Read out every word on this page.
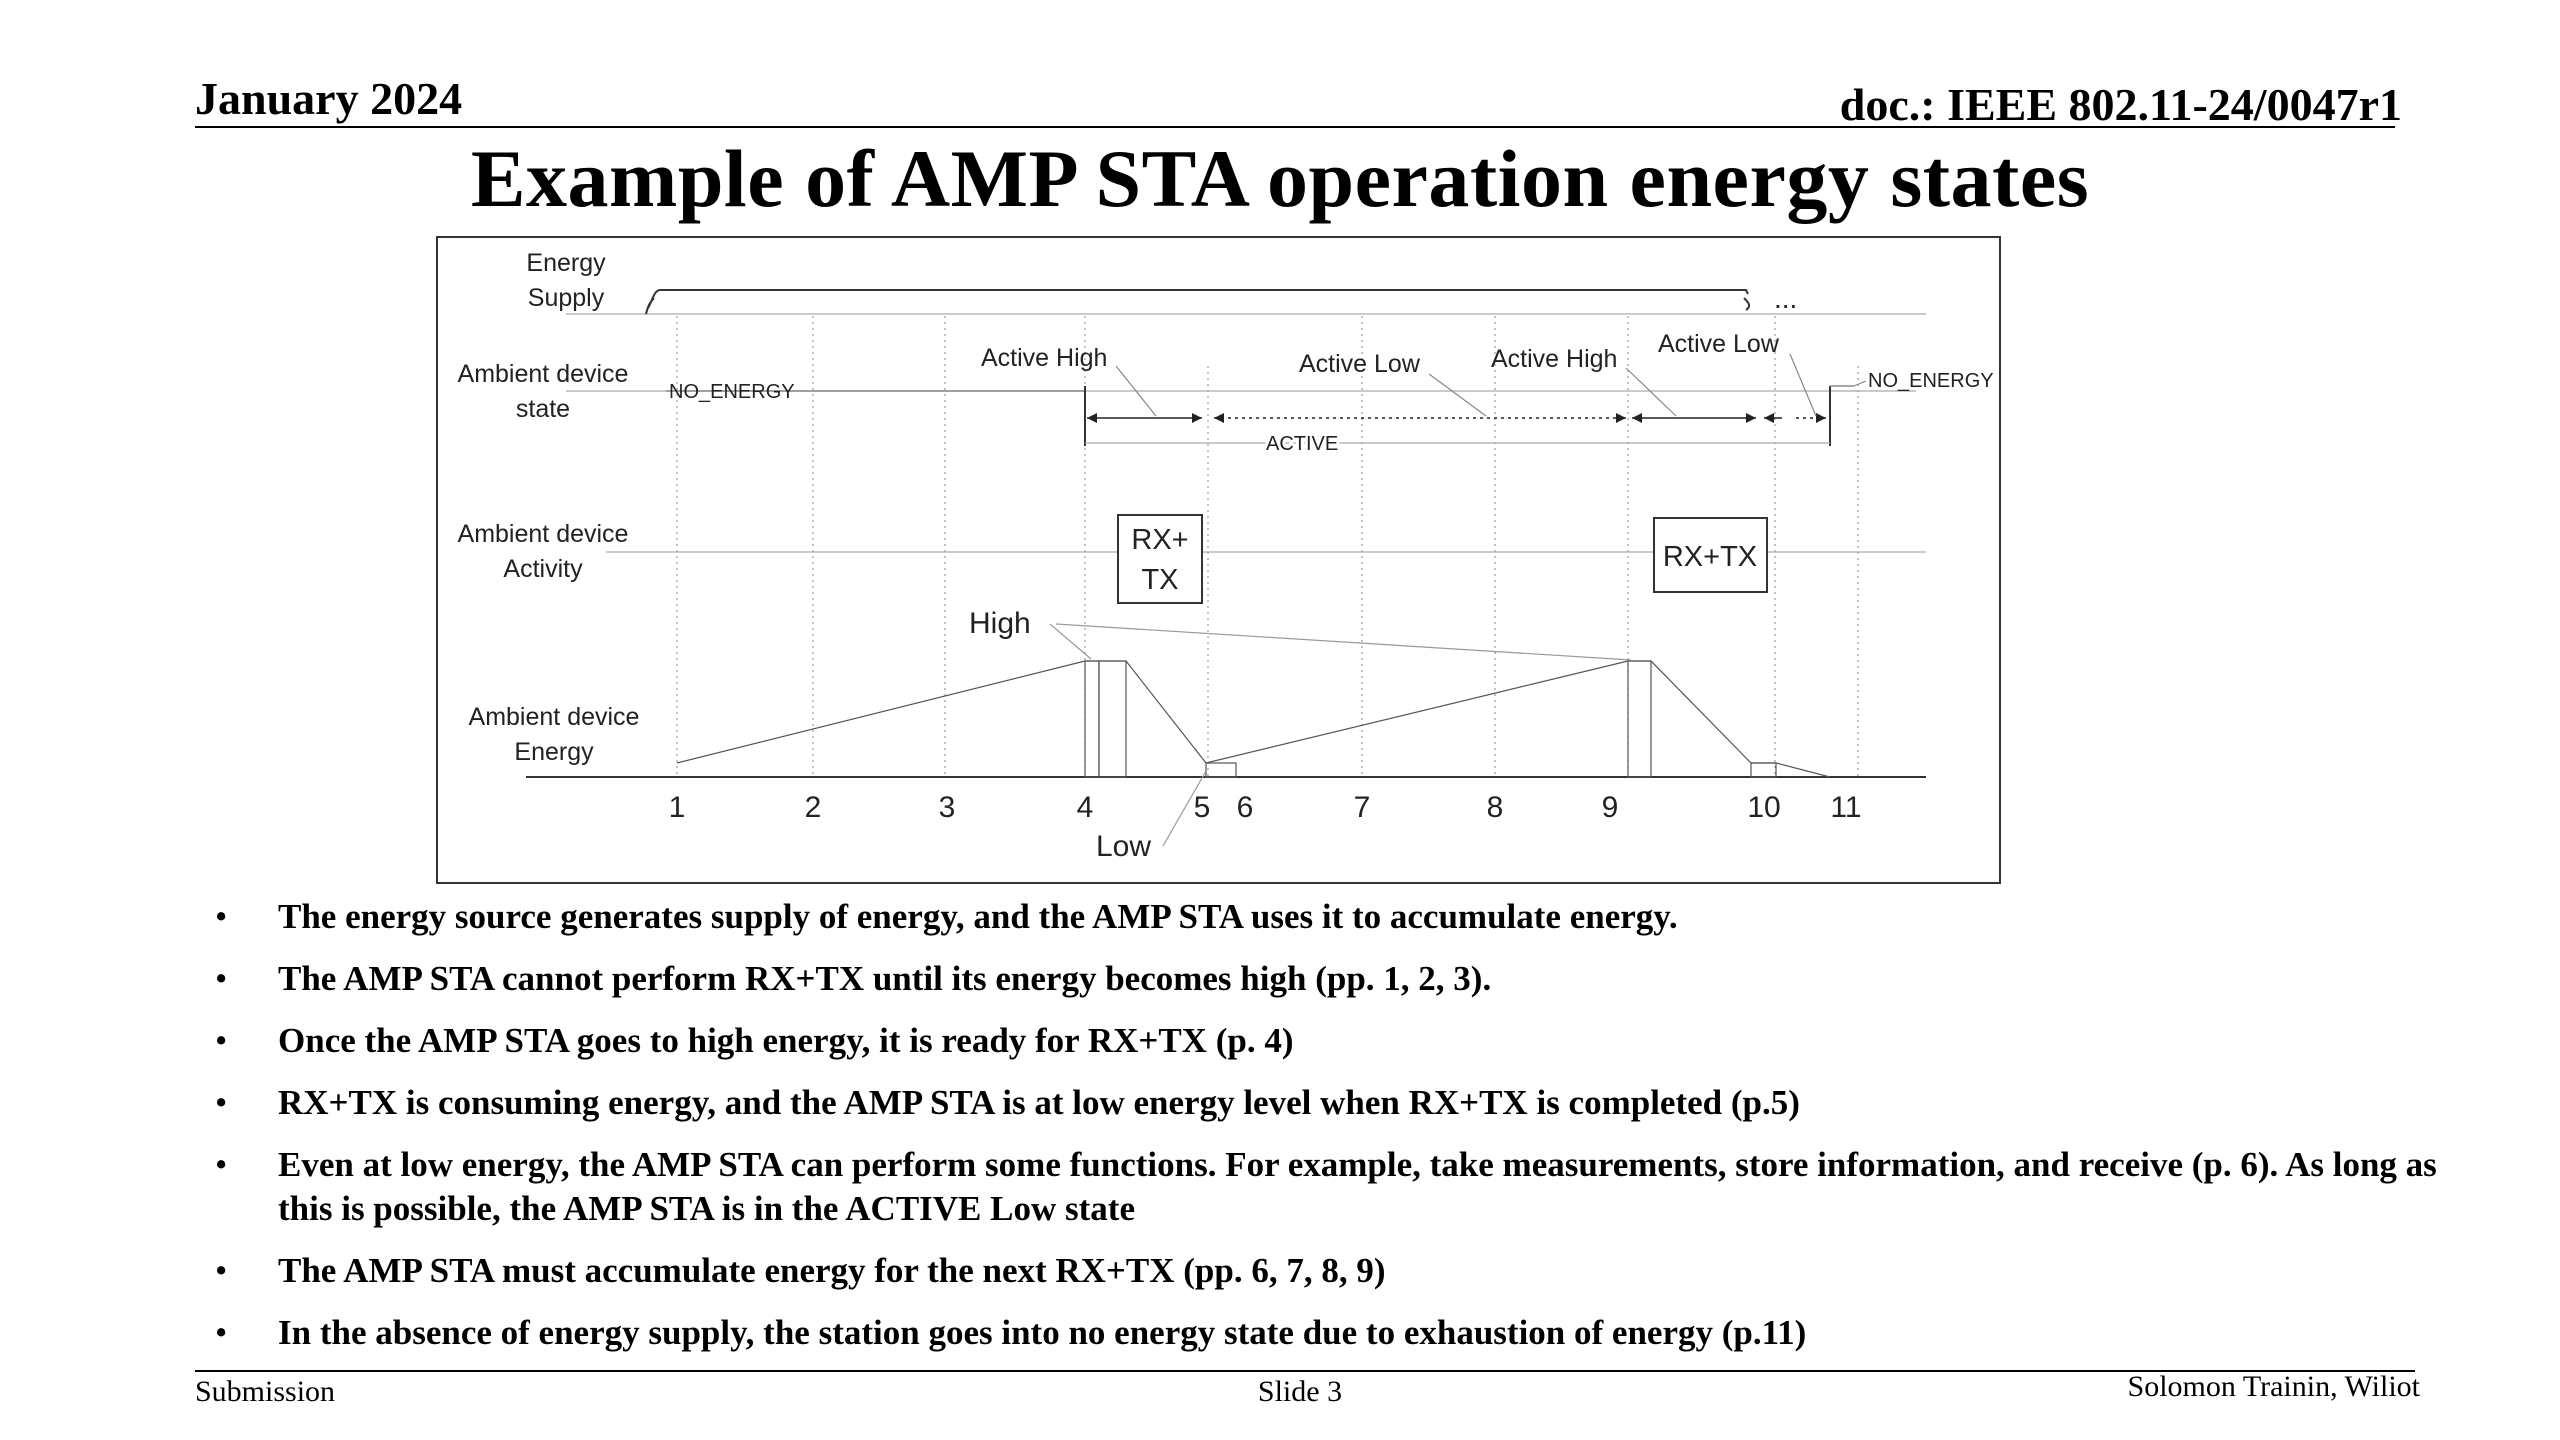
January 2024	doc.: IEEE 802.11-24/0047r1
Example of AMP STA operation energy states
Energy
Supply
Ambient device
state
Ambient device
Activity
Ambient device
Energy
...
NO_ENERGY
ACTIVE
Active High	Active Low	Active High
Active Low
NO_ENERGY
RX+
TX
RX+TX
High
Low
1	2	3	4	5 6	7	8	9	10 11
• The energy source generates supply of energy, and the AMP STA uses it to accumulate energy.
• The AMP STA cannot perform RX+TX until its energy becomes high (pp. 1, 2, 3).
• Once the AMP STA goes to high energy, it is ready for RX+TX (p. 4)
• RX+TX is consuming energy, and the AMP STA is at low energy level when RX+TX is completed (p.5)
• Even at low energy, the AMP STA can perform some functions. For example, take measurements, store information, and receive (p. 6). As long as this is possible, the AMP STA is in the ACTIVE Low state
• The AMP STA must accumulate energy for the next RX+TX (pp. 6, 7, 8, 9)
• In the absence of energy supply, the station goes into no energy state due to exhaustion of energy (p.11)
Submission	Slide 3	Solomon Trainin, Wiliot
